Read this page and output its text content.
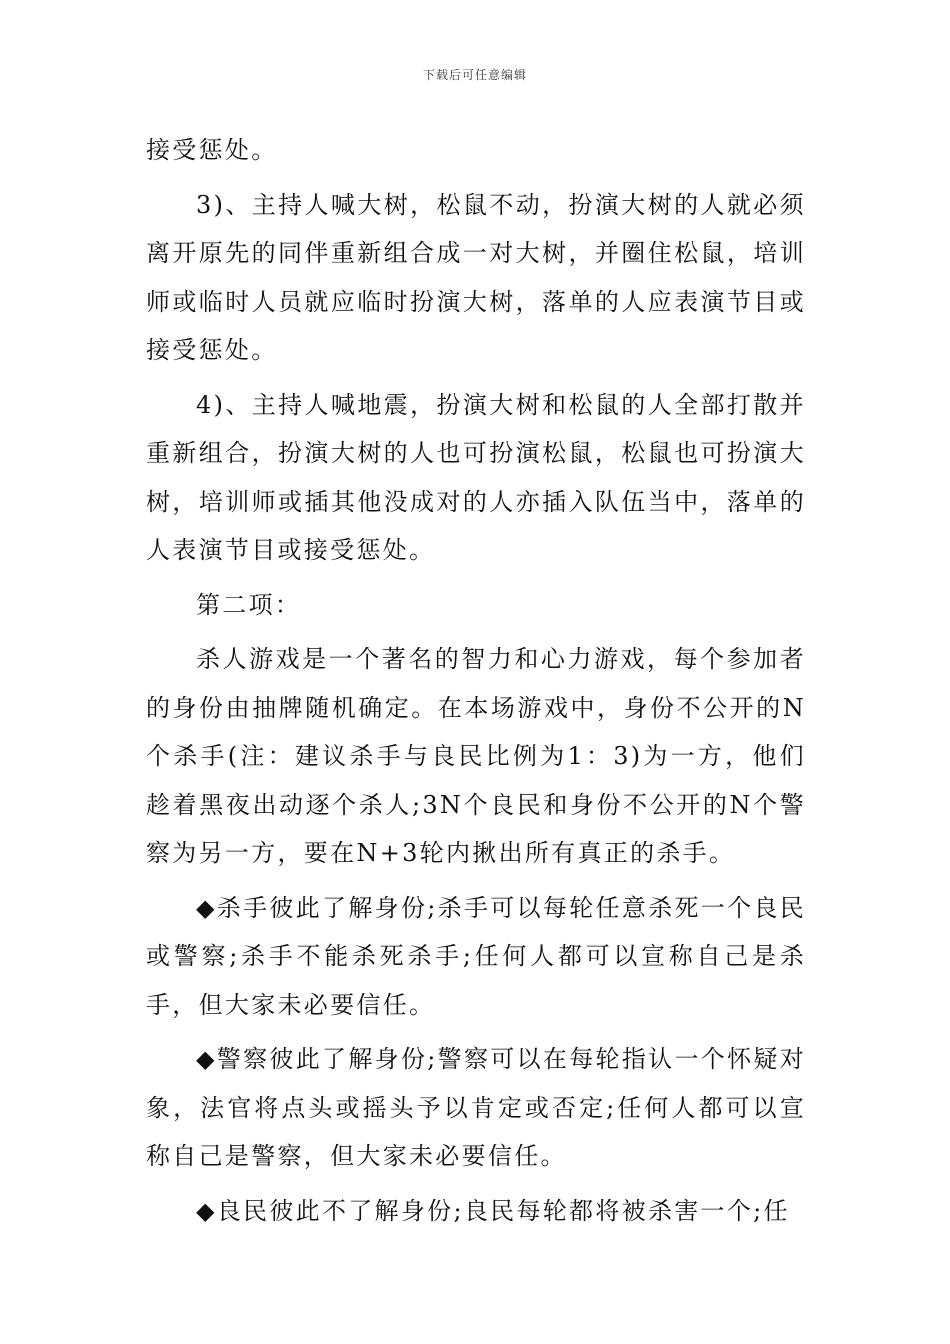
下载后可任意编辑

接受惩处。

3)、主持人喊大树，松鼠不动，扮演大树的人就必须离开原先的同伴重新组合成一对大树，并圈住松鼠，培训师或临时人员就应临时扮演大树，落单的人应表演节目或接受惩处。

4)、主持人喊地震，扮演大树和松鼠的人全部打散并重新组合，扮演大树的人也可扮演松鼠，松鼠也可扮演大树，培训师或插其他没成对的人亦插入队伍当中，落单的人表演节目或接受惩处。

第二项：

杀人游戏是一个著名的智力和心力游戏，每个参加者的身份由抽牌随机确定。在本场游戏中，身份不公开的N个杀手(注：建议杀手与良民比例为1：3)为一方，他们趁着黑夜出动逐个杀人;3N个良民和身份不公开的N个警察为另一方，要在N+3轮内揪出所有真正的杀手。

◆杀手彼此了解身份;杀手可以每轮任意杀死一个良民或警察;杀手不能杀死杀手;任何人都可以宣称自己是杀手，但大家未必要信任。

◆警察彼此了解身份;警察可以在每轮指认一个怀疑对象，法官将点头或摇头予以肯定或否定;任何人都可以宣称自己是警察，但大家未必要信任。

◆良民彼此不了解身份;良民每轮都将被杀害一个;任
